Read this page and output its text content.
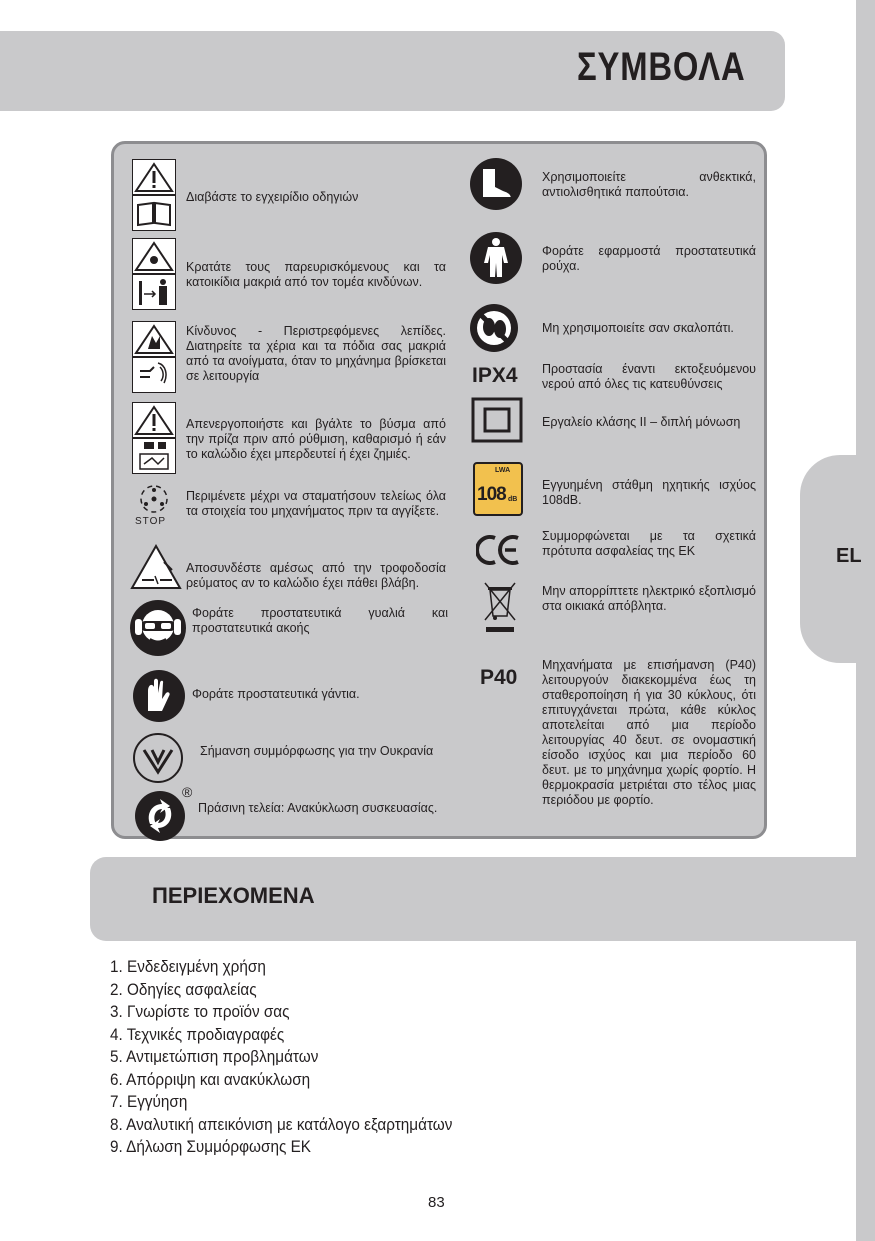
EL
ΣΥΜΒΟΛΑ
Διαβάστε το εγχειρίδιο οδηγιών
Κρατάτε τους παρευρισκόμενους και τα κατοικίδια μακριά από τον τομέα κινδύνων.
Κίνδυνος - Περιστρεφόμενες λεπίδες. Διατηρείτε τα χέρια και τα πόδια σας μακριά από τα ανοίγματα, όταν το μηχάνημα βρίσκεται σε λειτουργία
Απενεργοποιήστε και βγάλτε το βύσμα από την πρίζα πριν από ρύθμιση, καθαρισμό ή εάν το καλώδιο έχει μπερδευτεί ή έχει ζημιές.
STOP
Περιμένετε μέχρι να σταματήσουν τελείως όλα τα στοιχεία του μηχανήματος πριν τα αγγίξετε.
Αποσυνδέστε αμέσως από την τροφοδοσία ρεύματος αν το καλώδιο έχει πάθει βλάβη.
Φοράτε προστατευτικά γυαλιά και προστατευτικά ακοής
Φοράτε προστατευτικά γάντια.
Σήμανση συμμόρφωσης για την Ουκρανία
®
Πράσινη τελεία: Ανακύκλωση συσκευασίας.
Χρησιμοποιείτε ανθεκτικά, αντιολισθητικά παπούτσια.
Φοράτε εφαρμοστά προστατευτικά ρούχα.
Μη χρησιμοποιείτε σαν σκαλοπάτι.
IPX4 Προστασία έναντι εκτοξευόμενου νερού από όλες τις κατευθύνσεις
Εργαλείο κλάσης ΙΙ – διπλή μόνωση
LWA
108 dB
Εγγυημένη στάθμη ηχητικής ισχύος 108dB.
Συμμορφώνεται με τα σχετικά πρότυπα ασφαλείας της ΕΚ
Μην απορρίπτετε ηλεκτρικό εξοπλισμό στα οικιακά απόβλητα.
P40
Μηχανήματα με επισήμανση (P40) λειτουργούν διακεκομμένα έως τη σταθεροποίηση ή για 30 κύκλους, ότι επιτυγχάνεται πρώτα, κάθε κύκλος αποτελείται από μια περίοδο λειτουργίας 40 δευτ. σε ονομαστική είσοδο ισχύος και μια περίοδο 60 δευτ. με το μηχάνημα χωρίς φορτίο. Η θερμοκρασία μετριέται στο τέλος μιας περιόδου με φορτίο.
ΠΕΡΙΕΧΟΜΕΝΑ
1. Ενδεδειγμένη χρήση
2. Οδηγίες ασφαλείας
3. Γνωρίστε το προϊόν σας
4. Τεχνικές προδιαγραφές
5. Αντιμετώπιση προβλημάτων
6. Απόρριψη και ανακύκλωση
7. Εγγύηση
8. Αναλυτική απεικόνιση με κατάλογο εξαρτημάτων
9. Δήλωση Συμμόρφωσης ΕΚ
83
